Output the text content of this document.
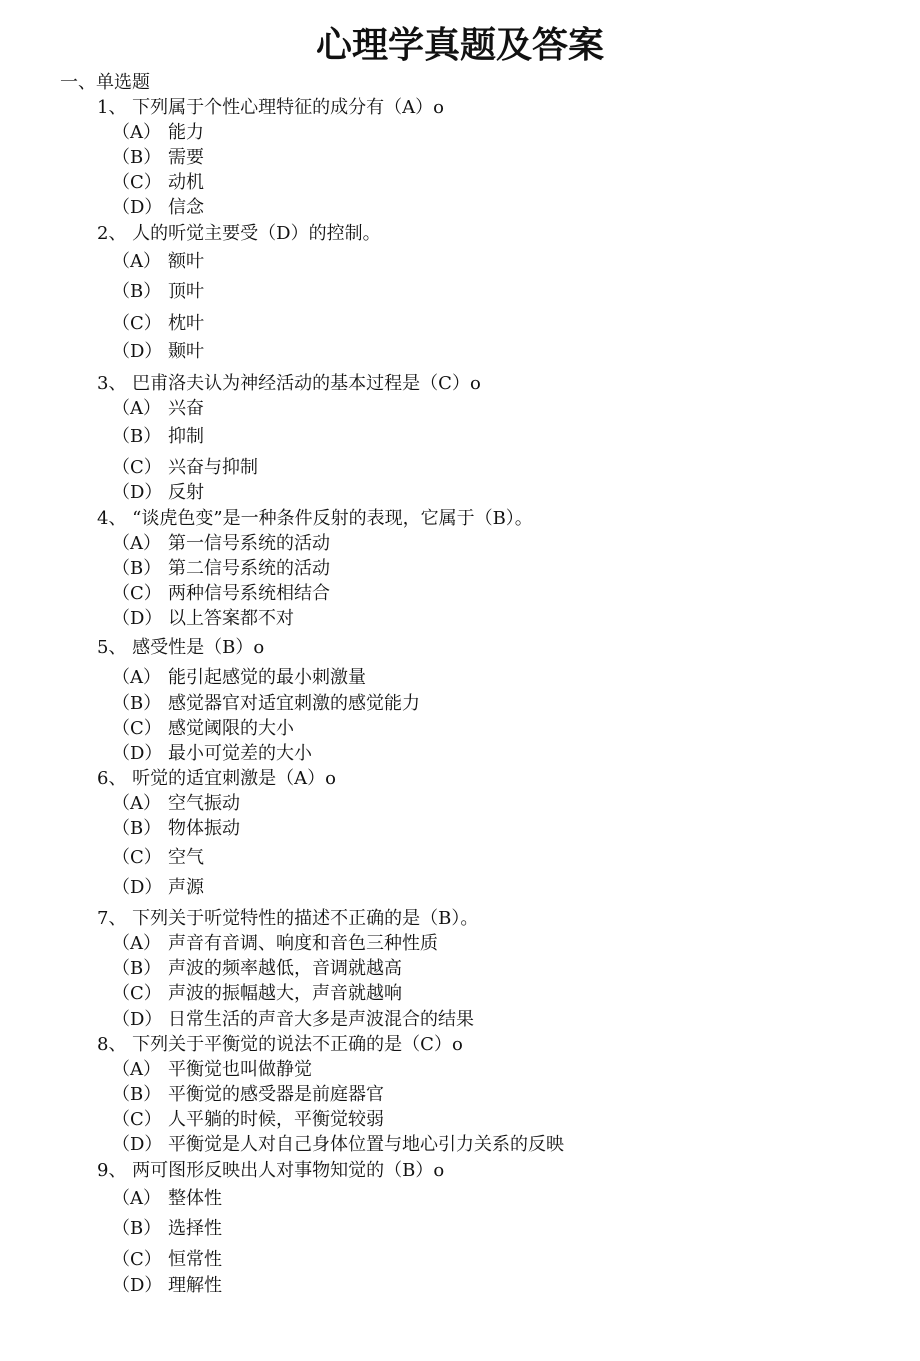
心理学真题及答案
一、单选题
1、 下列属于个性心理特征的成分有（A）o
（A） 能力
（B） 需要
（C） 动机
（D） 信念
2、 人的听觉主要受（D）的控制。
（A） 额叶
（B） 顶叶
（C） 枕叶
（D） 颞叶
3、 巴甫洛夫认为神经活动的基本过程是（C）o
（A） 兴奋
（B） 抑制
（C） 兴奋与抑制
（D） 反射
4、 “谈虎色变”是一种条件反射的表现，它属于（B）。
（A） 第一信号系统的活动
（B） 第二信号系统的活动
（C） 两种信号系统相结合
（D） 以上答案都不对
5、 感受性是（B）o
（A） 能引起感觉的最小刺激量
（B） 感觉器官对适宜刺激的感觉能力
（C） 感觉阈限的大小
（D） 最小可觉差的大小
6、 听觉的适宜刺激是（A）o
（A） 空气振动
（B） 物体振动
（C） 空气
（D） 声源
7、 下列关于听觉特性的描述不正确的是（B）。
（A） 声音有音调、响度和音色三种性质
（B） 声波的频率越低，音调就越高
（C） 声波的振幅越大，声音就越响
（D） 日常生活的声音大多是声波混合的结果
8、 下列关于平衡觉的说法不正确的是（C）o
（A） 平衡觉也叫做静觉
（B） 平衡觉的感受器是前庭器官
（C） 人平躺的时候，平衡觉较弱
（D） 平衡觉是人对自己身体位置与地心引力关系的反映
9、 两可图形反映出人对事物知觉的（B）o
（A） 整体性
（B） 选择性
（C） 恒常性
（D） 理解性
